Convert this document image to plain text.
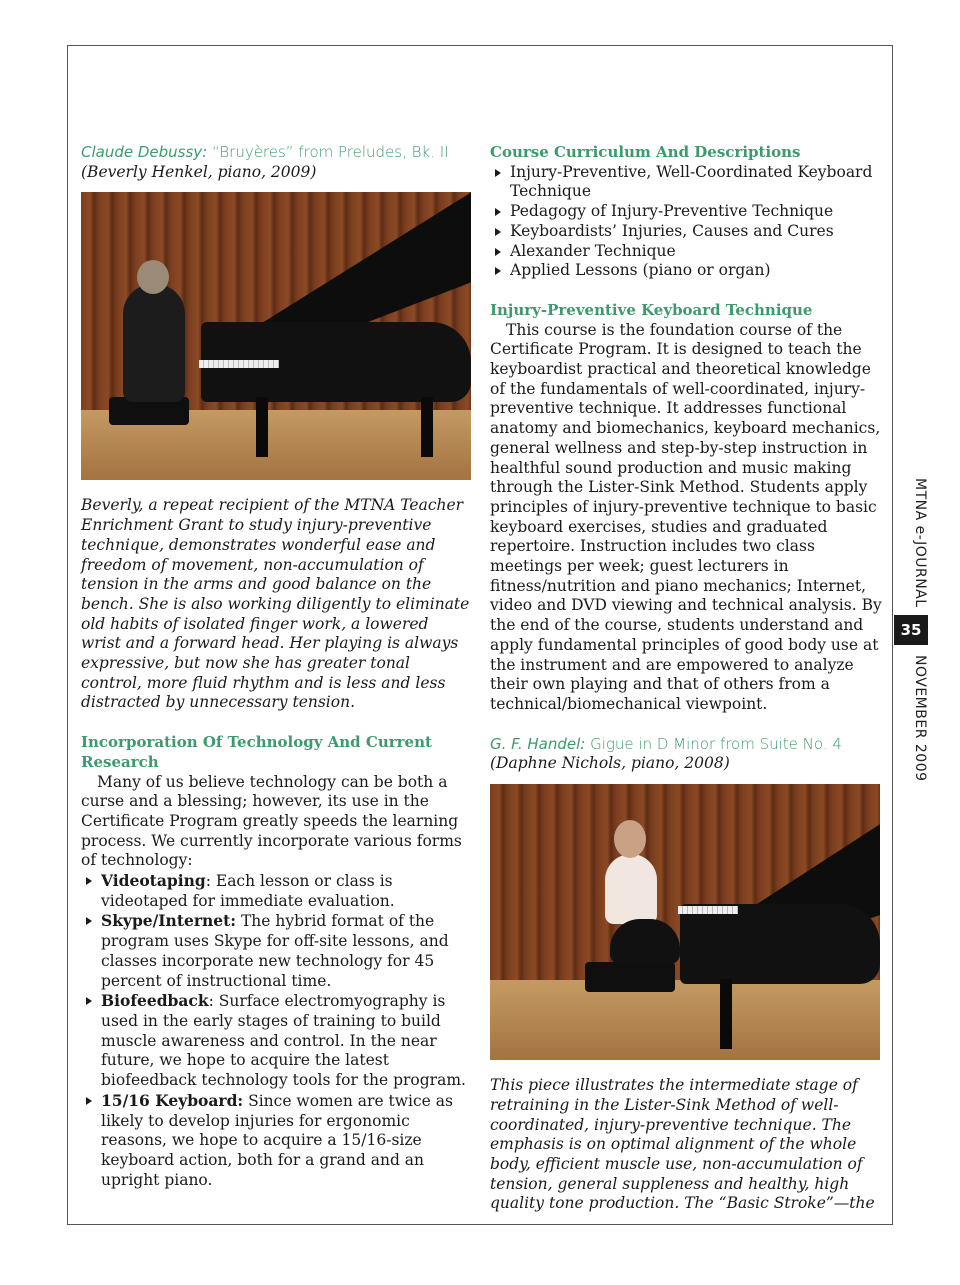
Claude Debussy: “Bruyères” from Preludes, Bk. II
(Beverly Henkel, piano, 2009)
Beverly, a repeat recipient of the MTNA Teacher Enrichment Grant to study injury-preventive technique, demonstrates wonderful ease and freedom of movement, non-accumulation of tension in the arms and good balance on the bench. She is also working diligently to eliminate old habits of isolated finger work, a lowered wrist and a forward head. Her playing is always expressive, but now she has greater tonal control, more fluid rhythm and is less and less distracted by unnecessary tension.
Incorporation Of Technology And Current Research
Many of us believe technology can be both a curse and a blessing; however, its use in the Certificate Program greatly speeds the learning process. We currently incorporate various forms of technology:
Videotaping: Each lesson or class is videotaped for immediate evaluation.
Skype/Internet: The hybrid format of the program uses Skype for off-site lessons, and classes incorporate new technology for 45 percent of instructional time.
Biofeedback: Surface electromyography is used in the early stages of training to build muscle awareness and control. In the near future, we hope to acquire the latest biofeedback technology tools for the program.
15/16 Keyboard: Since women are twice as likely to develop injuries for ergonomic reasons, we hope to acquire a 15/16-size keyboard action, both for a grand and an upright piano.
Course Curriculum And Descriptions
Injury-Preventive, Well-Coordinated Keyboard Technique
Pedagogy of Injury-Preventive Technique
Keyboardists’ Injuries, Causes and Cures
Alexander Technique
Applied Lessons (piano or organ)
Injury-Preventive Keyboard Technique
This course is the foundation course of the Certificate Program. It is designed to teach the keyboardist practical and theoretical knowledge of the fundamentals of well-coordinated, injury-preventive technique. It addresses functional anatomy and biomechanics, keyboard mechanics, general wellness and step-by-step instruction in healthful sound production and music making through the Lister-Sink Method. Students apply principles of injury-preventive technique to basic keyboard exercises, studies and graduated repertoire. Instruction includes two class meetings per week; guest lecturers in fitness/nutrition and piano mechanics; Internet, video and DVD viewing and technical analysis. By the end of the course, students understand and apply fundamental principles of good body use at the instrument and are empowered to analyze their own playing and that of others from a technical/biomechanical viewpoint.
G. F. Handel: Gigue in D Minor from Suite No. 4
(Daphne Nichols, piano, 2008)
This piece illustrates the intermediate stage of retraining in the Lister-Sink Method of well-coordinated, injury-preventive technique. The emphasis is on optimal alignment of the whole body, efficient muscle use, non-accumulation of tension, general suppleness and healthy, high quality tone production. The “Basic Stroke”—the
MTNA e-JOURNAL
35
NOVEMBER 2009
